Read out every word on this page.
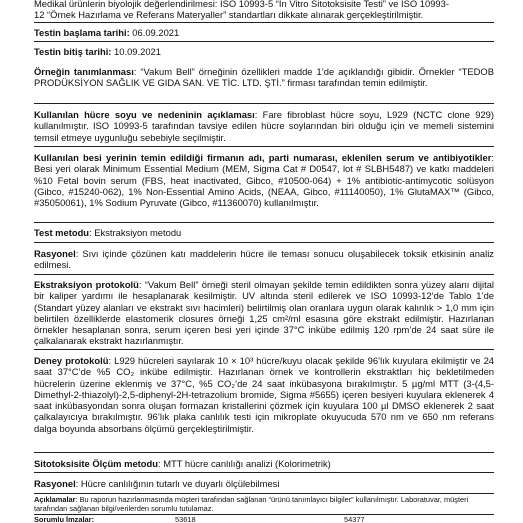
Medikal ürünlerin biyolojik değerlendirilmesi: ISO 10993-5 “İn Vitro Sitotoksisite Testi” ve ISO 10993-
12 “Örnek Hazırlama ve Referans Materyaller” standartları dikkate alınarak gerçekleştirilmiştir.

Testin başlama tarihi: 06.09.2021

Testin bitiş tarihi: 10.09.2021

Örneğin tanımlanması: “Vakum Bell” örneğinin özellikleri madde 1’de açıklandığı gibidir. Örnekler “TEDOB PRODÜKSİYON SAĞLIK VE GIDA SAN. VE TİC. LTD. ŞTİ.” firması tarafından temin edilmiştir.

Kullanılan hücre soyu ve nedeninin açıklaması: Fare fibroblast hücre soyu, L929 (NCTC clone 929) kullanılmıştır. ISO 10993-5 tarafından tavsiye edilen hücre soylarından biri olduğu için ve memeli sistemini temsil etmeye uygunluğu sebebiyle seçilmiştir.

Kullanılan besi yerinin temin edildiği firmanın adı, parti numarası, eklenilen serum ve antibiyotikler: Besi yeri olarak Minimum Essential Medium (MEM, Sigma Cat # D0547, lot # SLBH5487) ve katkı maddeleri %10 Fetal bovin serum (FBS, heat inactivated, Gibco, #10500-064) + 1% antibiotic-antimycotic solüsyon (Gibco, #15240-062), 1% Non-Essential Amino Acids, (NEAA, Gibco, #11140050), 1% GlutaMAX™ (Gibco, #35050061), 1% Sodium Pyruvate (Gibco, #11360070) kullanılmıştır.

Test metodu: Ekstraksiyon metodu

Rasyonel: Sıvı içinde çözünen katı maddelerin hücre ile teması sonucu oluşabilecek toksik etkisinin analiz edilmesi.

Ekstraksiyon protokolü: “Vakum Bell” örneği steril olmayan şekilde temin edildikten sonra yüzey alanı dijital bir kaliper yardımı ile hesaplanarak kesilmiştir. UV altında steril edilerek ve ISO 10993-12’de Tablo 1’de (Standart yüzey alanları ve ekstrakt sıvı hacimleri) belirtilmiş olan oranlara uygun olarak kalınlık > 1,0 mm için belirtilen özelliklerde elastomerik closures örneği 1,25 cm²/ml esasına göre ekstrakt edilmiştir. Hazırlanan örnekler hesaplanan sonra, serum içeren besi yeri içinde 37°C inkübe edilmiş 120 rpm’de 24 saat süre ile çalkalanarak ekstrakt hazırlanmıştır.

Deney protokolü: L929 hücreleri sayılarak 10 × 10³ hücre/kuyu olacak şekilde 96’lık kuyulara ekilmiştir ve 24 saat 37°C’de %5 CO₂ inkübe edilmiştir. Hazırlanan örnek ve kontrollerin ekstraktları hiç bekletilmeden hücrelerin üzerine eklenmiş ve 37°C, %5 CO₂’de 24 saat inkübasyona bırakılmıştır. 5 µg/ml MTT (3-(4,5-Dimethyl-2-thiazolyl)-2,5-diphenyl-2H-tetrazolium bromide, Sigma #5655) içeren besiyeri kuyulara eklenerek 4 saat inkübasyondan sonra oluşan formazan kristallerini çözmek için kuyulara 100 µl DMSO eklenerek 2 saat çalkalayıcıya bırakılmıştır. 96’lık plaka canlılık testi için mikroplate okuyucuda 570 nm ve 650 nm referans dalga boyunda absorbans ölçümü gerçekleştirilmiştir.

Sitotoksisite Ölçüm metodu: MTT hücre canlılığı analizi (Kolorimetrik)

Rasyonel: Hücre canlılığının tutarlı ve duyarlı ölçülebilmesi

Açıklamalar: Bu raporun hazırlanmasında müşteri tarafından sağlanan “ürünü tanımlayıcı bilgiler” kullanılmıştır. Laboratuvar, müşteri tarafından sağlanan bilgi/verilerden sorumlu tutulamaz.

Sorumlu İmzalar:	53618	54377
